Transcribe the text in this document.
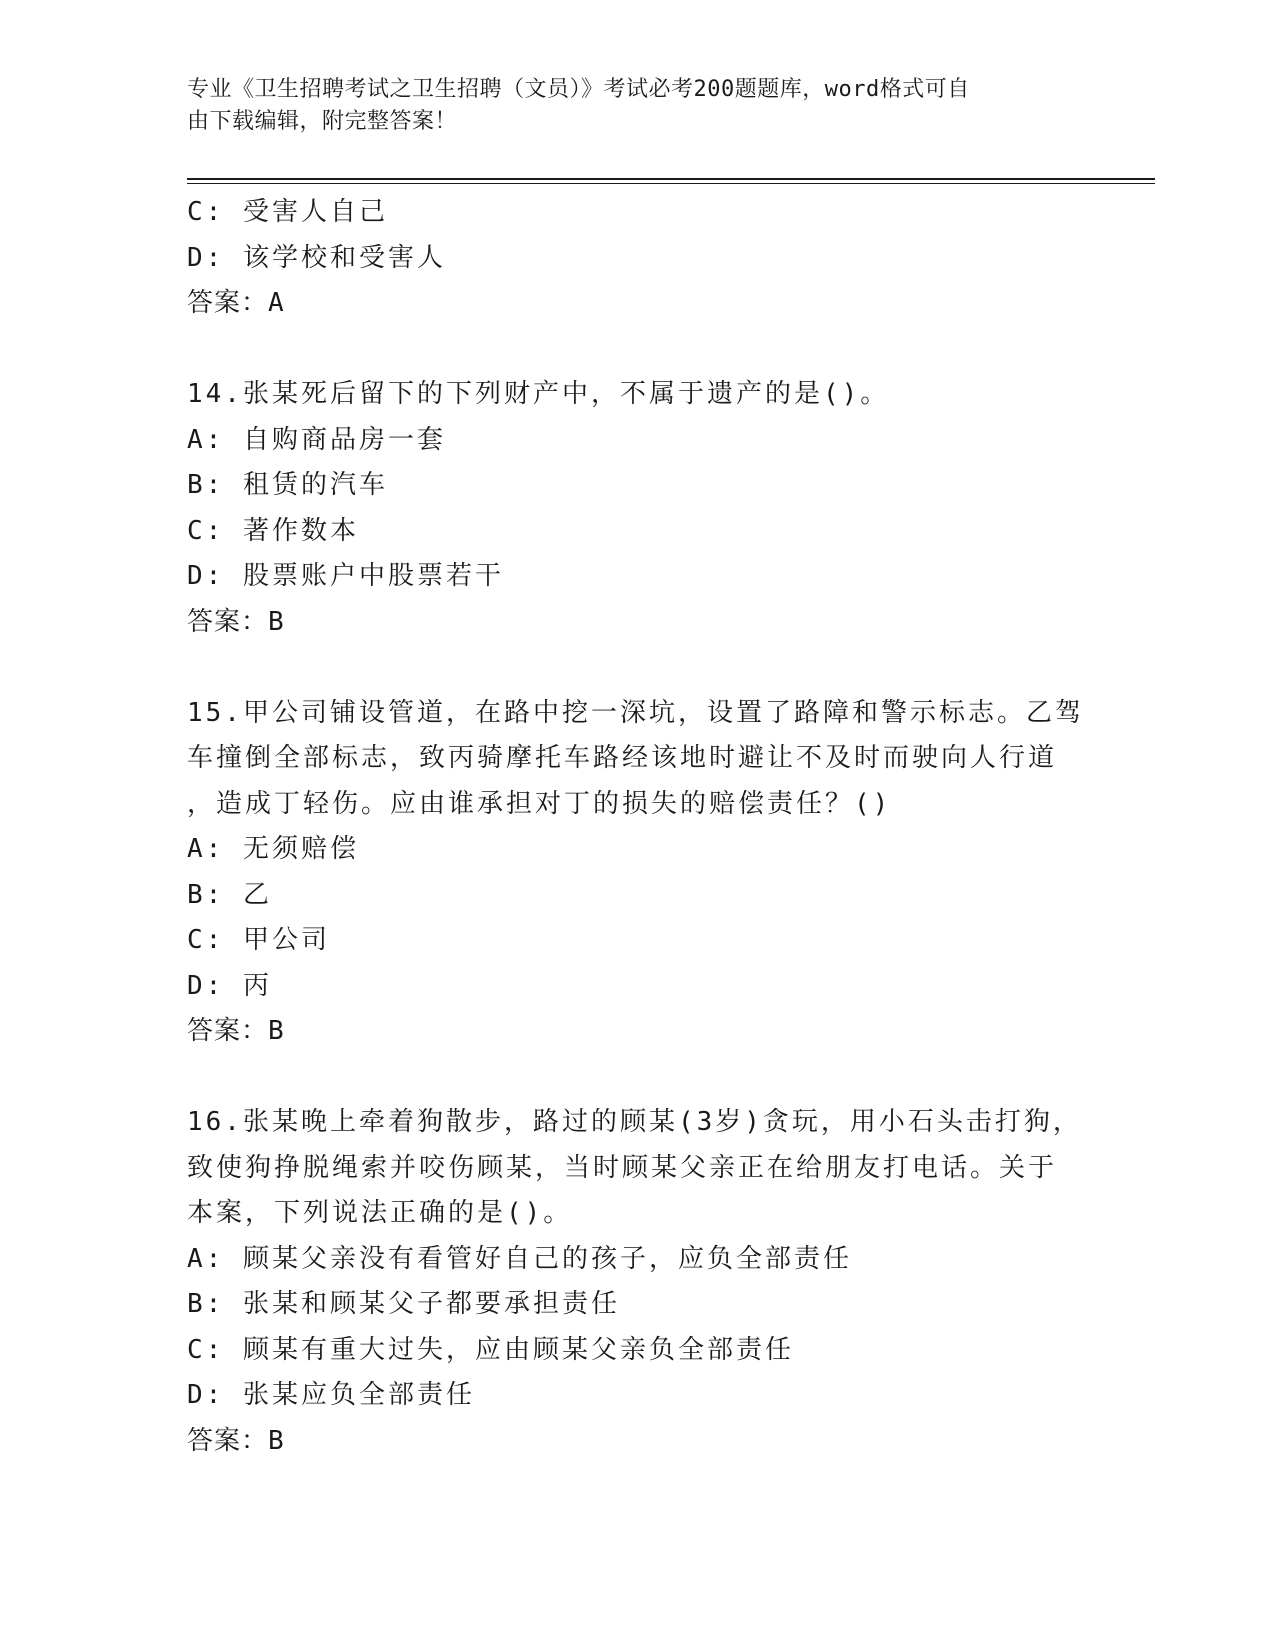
专业《卫生招聘考试之卫生招聘（文员）》考试必考200题题库，word格式可自
由下载编辑，附完整答案！
C: 受害人自己
D: 该学校和受害人
答案：A
14.张某死后留下的下列财产中，不属于遗产的是()。
A: 自购商品房一套
B: 租赁的汽车
C: 著作数本
D: 股票账户中股票若干
答案：B
15.甲公司铺设管道，在路中挖一深坑，设置了路障和警示标志。乙驾
车撞倒全部标志，致丙骑摩托车路经该地时避让不及时而驶向人行道
，造成丁轻伤。应由谁承担对丁的损失的赔偿责任？()
A: 无须赔偿
B: 乙
C: 甲公司
D: 丙
答案：B
16.张某晚上牵着狗散步，路过的顾某(3岁)贪玩，用小石头击打狗，
致使狗挣脱绳索并咬伤顾某，当时顾某父亲正在给朋友打电话。关于
本案，下列说法正确的是()。
A: 顾某父亲没有看管好自己的孩子，应负全部责任
B: 张某和顾某父子都要承担责任
C: 顾某有重大过失，应由顾某父亲负全部责任
D: 张某应负全部责任
答案：B
